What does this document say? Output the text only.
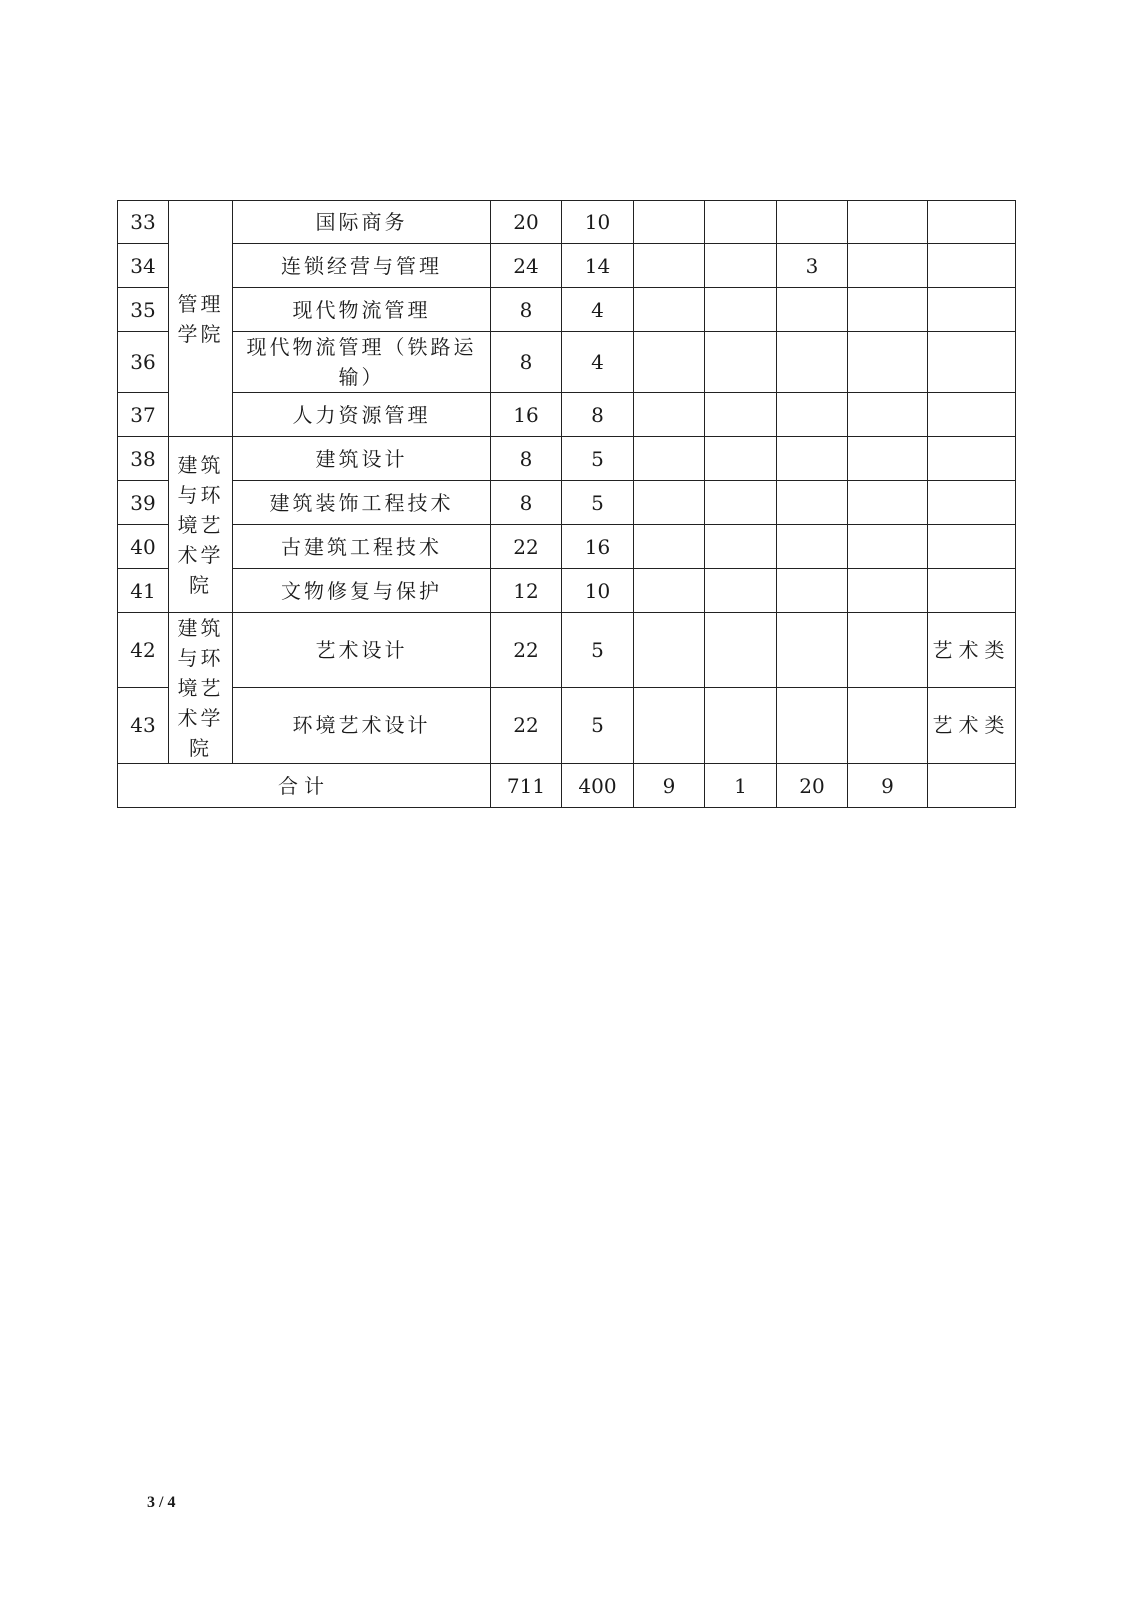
33	管理学院	国际商务	20	10					
34		连锁经营与管理	24	14			3		
35		现代物流管理	8	4					
36		现代物流管理（铁路运输）	8	4					
37		人力资源管理	16	8					
38	建筑与环境艺术学院	建筑设计	8	5					
39		建筑装饰工程技术	8	5					
40		古建筑工程技术	22	16					
41		文物修复与保护	12	10					
42	建筑与环境艺术学院	艺术设计	22	5					艺术类
43		环境艺术设计	22	5					艺术类
合计			711	400	9	1	20	9	
3 / 4
